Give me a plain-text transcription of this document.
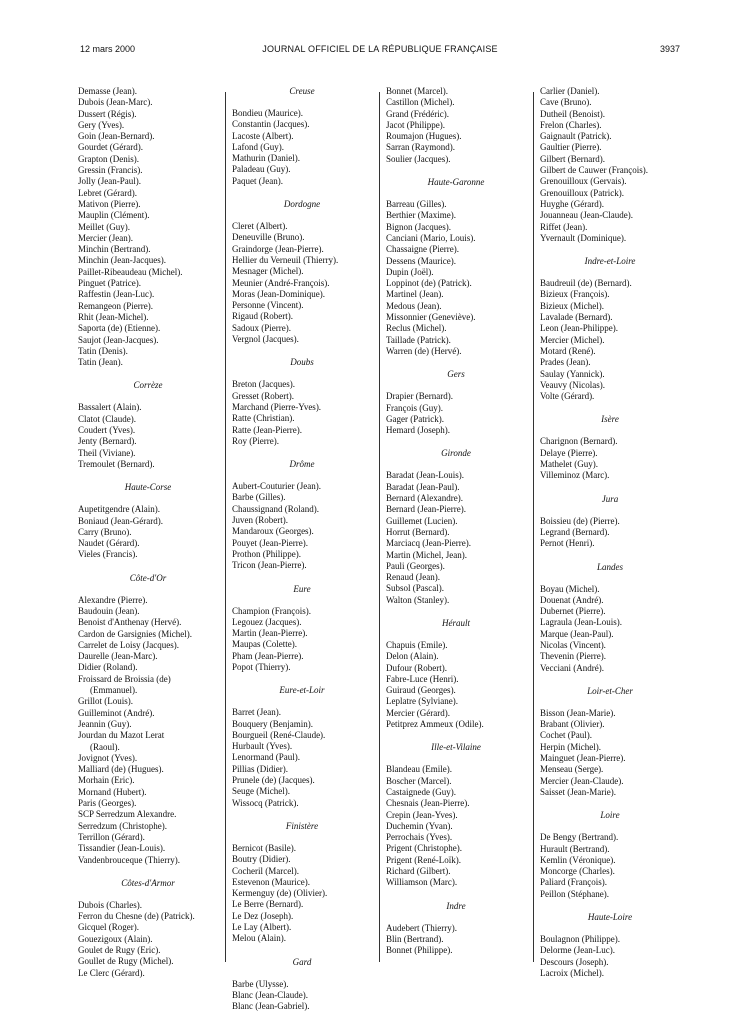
12 mars 2000	JOURNAL OFFICIEL DE LA RÉPUBLIQUE FRANÇAISE	3937
Demasse (Jean).
Dubois (Jean-Marc).
Dussert (Régis).
Gery (Yves).
Goin (Jean-Bernard).
Gourdet (Gérard).
Grapton (Denis).
Gressin (Francis).
Jolly (Jean-Paul).
Lebret (Gérard).
Mativon (Pierre).
Mauplin (Clément).
Meillet (Guy).
Mercier (Jean).
Minchin (Bertrand).
Minchin (Jean-Jacques).
Paillet-Ribeaudeau (Michel).
Pinguet (Patrice).
Raffestin (Jean-Luc).
Remangeon (Pierre).
Rhit (Jean-Michel).
Saporta (de) (Etienne).
Saujot (Jean-Jacques).
Tatin (Denis).
Tatin (Jean).
Corrèze
Bassalert (Alain).
Clatot (Claude).
Coudert (Yves).
Jenty (Bernard).
Theil (Viviane).
Tremoulet (Bernard).
Haute-Corse
Aupetitgendre (Alain).
Boniaud (Jean-Gérard).
Carry (Bruno).
Naudet (Gérard).
Vieles (Francis).
Côte-d'Or
Alexandre (Pierre).
Baudouin (Jean).
Benoist d'Anthenay (Hervé).
Cardon de Garsignies (Michel).
Carrelet de Loisy (Jacques).
Daurelle (Jean-Marc).
Didier (Roland).
Froissard de Broissia (de)
(Emmanuel).
Grillot (Louis).
Guilleminot (André).
Jeannin (Guy).
Jourdan du Mazot Lerat
(Raoul).
Jovignot (Yves).
Malliard (de) (Hugues).
Morhain (Eric).
Mornand (Hubert).
Paris (Georges).
SCP Serredzum Alexandre.
Serredzum (Christophe).
Terrillon (Gérard).
Tissandier (Jean-Louis).
Vandenbrouceque (Thierry).
Côtes-d'Armor
Dubois (Charles).
Ferron du Chesne (de) (Patrick).
Gicquel (Roger).
Gouezigoux (Alain).
Goulet de Rugy (Eric).
Goullet de Rugy (Michel).
Le Clerc (Gérard).
Creuse
Bondieu (Maurice).
Constantin (Jacques).
Lacoste (Albert).
Lafond (Guy).
Mathurin (Daniel).
Paladeau (Guy).
Paquet (Jean).
Dordogne
Cleret (Albert).
Deneuville (Bruno).
Graindorge (Jean-Pierre).
Hellier du Verneuil (Thierry).
Mesnager (Michel).
Meunier (André-François).
Moras (Jean-Dominique).
Personne (Vincent).
Rigaud (Robert).
Sadoux (Pierre).
Vergnol (Jacques).
Doubs
Breton (Jacques).
Gresset (Robert).
Marchand (Pierre-Yves).
Ratte (Christian).
Ratte (Jean-Pierre).
Roy (Pierre).
Drôme
Aubert-Couturier (Jean).
Barbe (Gilles).
Chaussignand (Roland).
Juven (Robert).
Mandaroux (Georges).
Pouyet (Jean-Pierre).
Prothon (Philippe).
Tricon (Jean-Pierre).
Eure
Champion (François).
Legouez (Jacques).
Martin (Jean-Pierre).
Maupas (Colette).
Pham (Jean-Pierre).
Popot (Thierry).
Eure-et-Loir
Barret (Jean).
Bouquery (Benjamin).
Bourgueil (René-Claude).
Hurbault (Yves).
Lenormand (Paul).
Pillias (Didier).
Prunele (de) (Jacques).
Seuge (Michel).
Wissocq (Patrick).
Finistère
Bernicot (Basile).
Boutry (Didier).
Cocheril (Marcel).
Estevenon (Maurice).
Kermenguy (de) (Olivier).
Le Berre (Bernard).
Le Dez (Joseph).
Le Lay (Albert).
Melou (Alain).
Gard
Barbe (Ulysse).
Blanc (Jean-Claude).
Blanc (Jean-Gabriel).
Bonnet (Marcel).
Castillon (Michel).
Grand (Frédéric).
Jacot (Philippe).
Roumajon (Hugues).
Sarran (Raymond).
Soulier (Jacques).
Haute-Garonne
Barreau (Gilles).
Berthier (Maxime).
Bignon (Jacques).
Canciani (Mario, Louis).
Chassaigne (Pierre).
Dessens (Maurice).
Dupin (Joël).
Loppinot (de) (Patrick).
Martinel (Jean).
Medous (Jean).
Missonnier (Geneviève).
Reclus (Michel).
Taillade (Patrick).
Warren (de) (Hervé).
Gers
Drapier (Bernard).
François (Guy).
Gager (Patrick).
Hemard (Joseph).
Gironde
Baradat (Jean-Louis).
Baradat (Jean-Paul).
Bernard (Alexandre).
Bernard (Jean-Pierre).
Guillemet (Lucien).
Horrut (Bernard).
Marciacq (Jean-Pierre).
Martin (Michel, Jean).
Pauli (Georges).
Renaud (Jean).
Subsol (Pascal).
Walton (Stanley).
Hérault
Chapuis (Emile).
Delon (Alain).
Dufour (Robert).
Fabre-Luce (Henri).
Guiraud (Georges).
Leplatre (Sylviane).
Mercier (Gérard).
Petitprez Ammeux (Odile).
Ille-et-Vilaine
Blandeau (Emile).
Boscher (Marcel).
Castaignede (Guy).
Chesnais (Jean-Pierre).
Crepin (Jean-Yves).
Duchemin (Yvan).
Perrochais (Yves).
Prigent (Christophe).
Prigent (René-Loïk).
Richard (Gilbert).
Williamson (Marc).
Indre
Audebert (Thierry).
Blin (Bertrand).
Bonnet (Philippe).
Carlier (Daniel).
Cave (Bruno).
Dutheil (Benoist).
Frelon (Charles).
Gaignault (Patrick).
Gaultier (Pierre).
Gilbert (Bernard).
Gilbert de Cauwer (François).
Grenouilloux (Gervais).
Grenouilloux (Patrick).
Huyghe (Gérard).
Jouanneau (Jean-Claude).
Riffet (Jean).
Yvernault (Dominique).
Indre-et-Loire
Baudreuil (de) (Bernard).
Bizieux (François).
Bizieux (Michel).
Lavalade (Bernard).
Leon (Jean-Philippe).
Mercier (Michel).
Motard (René).
Prades (Jean).
Saulay (Yannick).
Veauvy (Nicolas).
Volte (Gérard).
Isère
Charignon (Bernard).
Delaye (Pierre).
Mathelet (Guy).
Villeminoz (Marc).
Jura
Boissieu (de) (Pierre).
Legrand (Bernard).
Pernot (Henri).
Landes
Boyau (Michel).
Douenat (André).
Dubernet (Pierre).
Lagraula (Jean-Louis).
Marque (Jean-Paul).
Nicolas (Vincent).
Thevenin (Pierre).
Vecciani (André).
Loir-et-Cher
Bisson (Jean-Marie).
Brabant (Olivier).
Cochet (Paul).
Herpin (Michel).
Mainguet (Jean-Pierre).
Menseau (Serge).
Mercier (Jean-Claude).
Saisset (Jean-Marie).
Loire
De Bengy (Bertrand).
Hurault (Bertrand).
Kemlin (Véronique).
Moncorge (Charles).
Paliard (François).
Peillon (Stéphane).
Haute-Loire
Boulagnon (Philippe).
Delorme (Jean-Luc).
Descours (Joseph).
Lacroix (Michel).
